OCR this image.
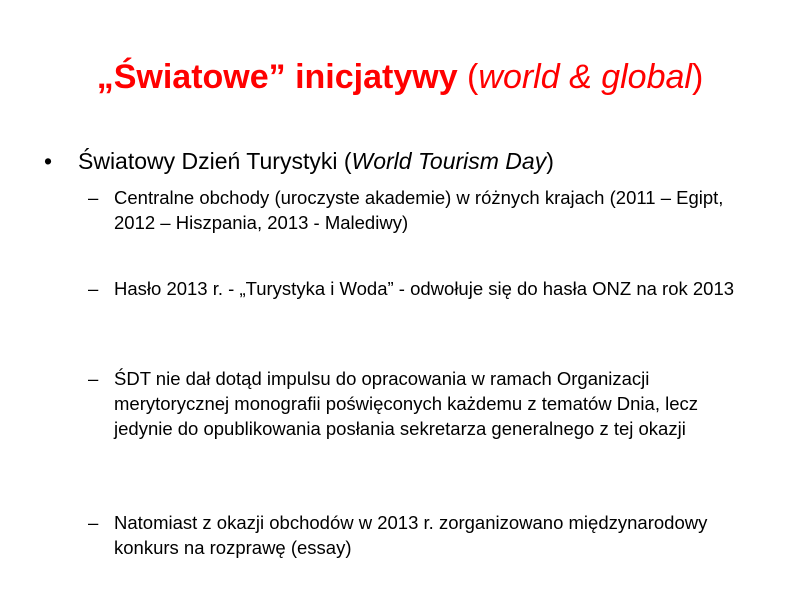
„Światowe” inicjatywy (world & global)
• Światowy Dzień Turystyki (World Tourism Day)
– Centralne obchody (uroczyste akademie) w różnych krajach (2011 – Egipt, 2012 – Hiszpania, 2013 - Malediwy)
– Hasło 2013 r. - „Turystyka i Woda” - odwołuje się do hasła ONZ na rok 2013
– ŚDT nie dał dotąd impulsu do opracowania w ramach Organizacji merytorycznej monografii poświęconych każdemu z tematów Dnia, lecz jedynie do opublikowania posłania sekretarza generalnego z tej okazji
– Natomiast z okazji obchodów w 2013 r. zorganizowano międzynarodowy konkurs na rozprawę (essay)
